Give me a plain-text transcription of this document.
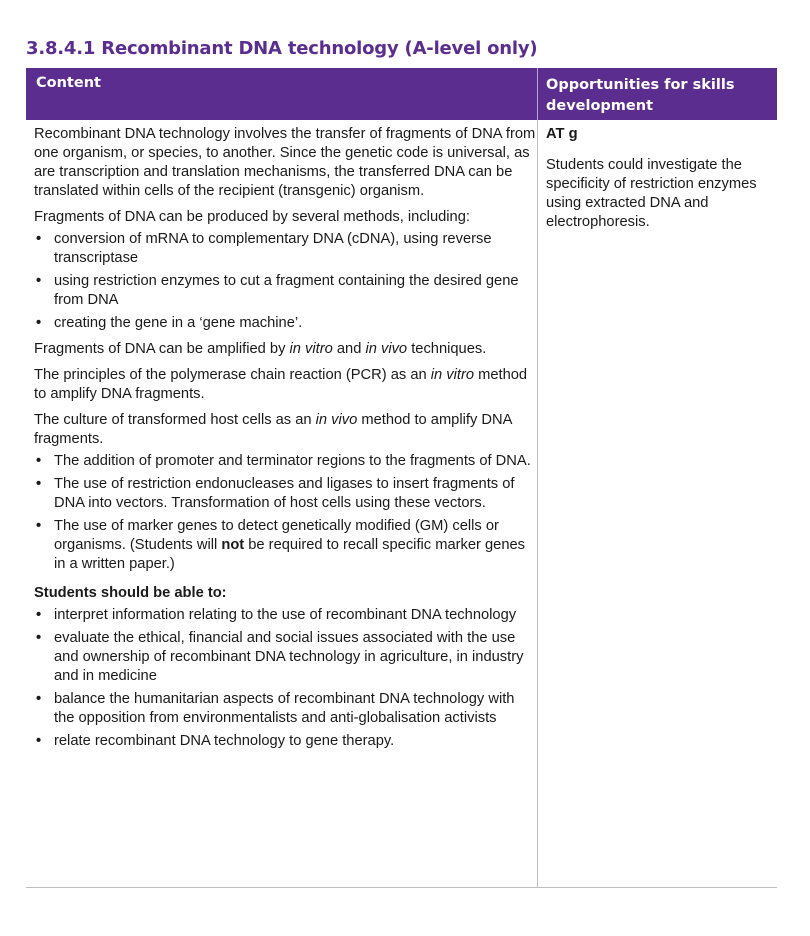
3.8.4.1 Recombinant DNA technology (A-level only)
Content	Opportunities for skills
development

Recombinant DNA technology involves the transfer of fragments of DNA from one organism, or species, to another. Since the genetic code is universal, as are transcription and translation mechanisms, the transferred DNA can be translated within cells of the recipient (transgenic) organism.

Fragments of DNA can be produced by several methods, including:

• conversion of mRNA to complementary DNA (cDNA), using reverse transcriptase
• using restriction enzymes to cut a fragment containing the desired gene from DNA
• creating the gene in a ‘gene machine’.

Fragments of DNA can be amplified by in vitro and in vivo techniques.

The principles of the polymerase chain reaction (PCR) as an in vitro method to amplify DNA fragments.

The culture of transformed host cells as an in vivo method to amplify DNA fragments.

• The addition of promoter and terminator regions to the fragments of DNA.
• The use of restriction endonucleases and ligases to insert fragments of DNA into vectors. Transformation of host cells using these vectors.
• The use of marker genes to detect genetically modified (GM) cells or organisms. (Students will not be required to recall specific marker genes in a written paper.)

Students should be able to:

• interpret information relating to the use of recombinant DNA technology
• evaluate the ethical, financial and social issues associated with the use and ownership of recombinant DNA technology in agriculture, in industry and in medicine
• balance the humanitarian aspects of recombinant DNA technology with the opposition from environmentalists and anti-globalisation activists
• relate recombinant DNA technology to gene therapy.

AT g

Students could investigate the specificity of restriction enzymes using extracted DNA and electrophoresis.
